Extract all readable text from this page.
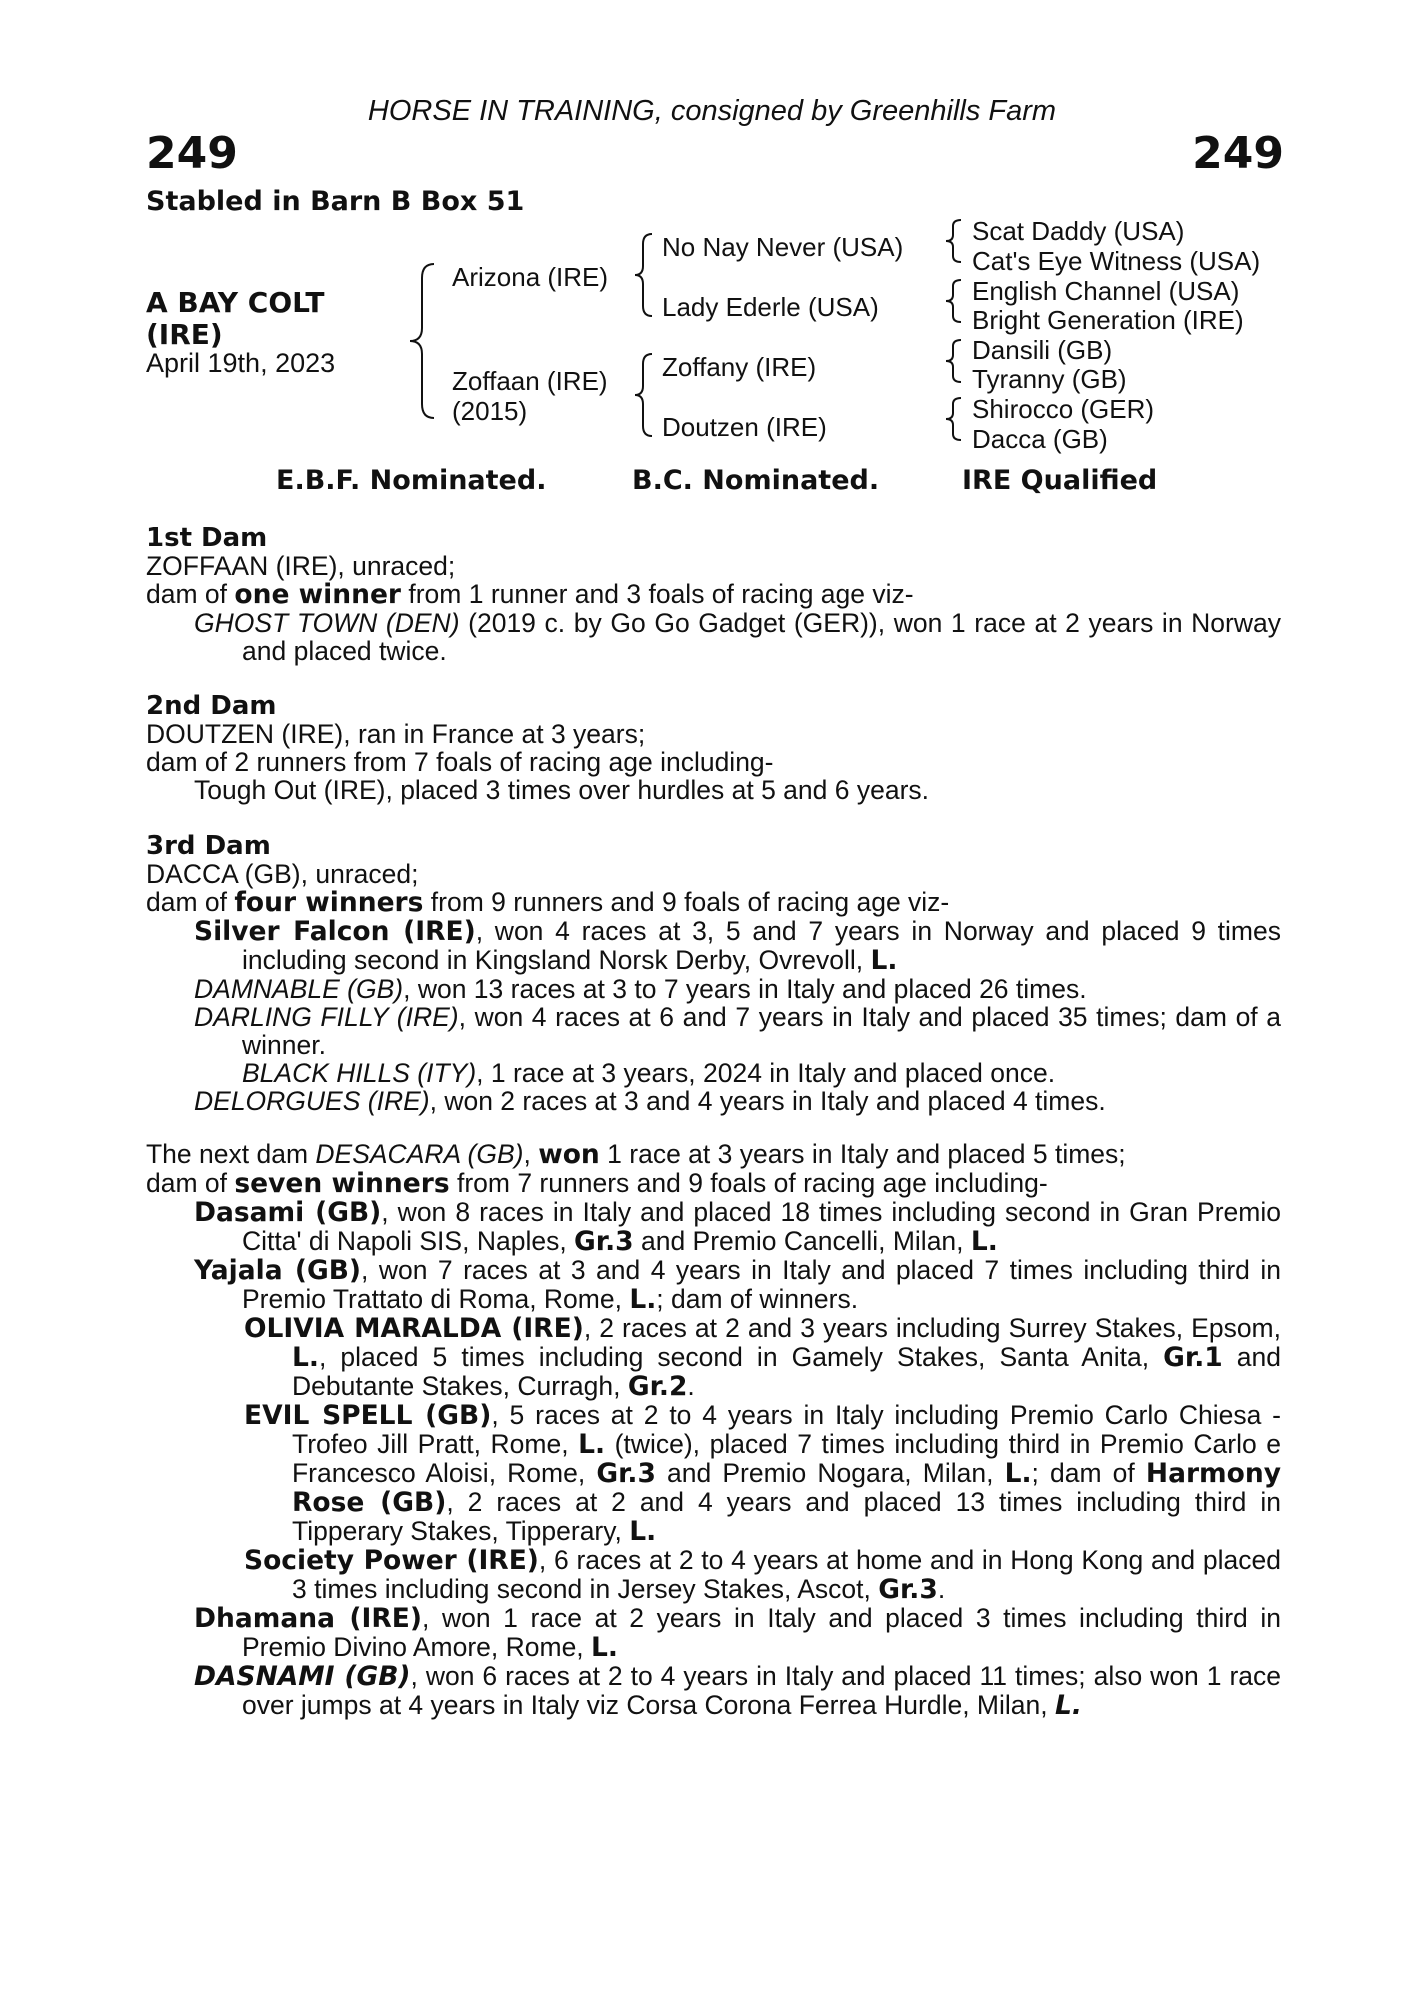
HORSE IN TRAINING, consigned by Greenhills Farm
249	249
Stabled in Barn B Box 51
A BAY COLT
(IRE)
April 19th, 2023
Arizona (IRE)
Zoffaan (IRE)
(2015)
No Nay Never (USA)
Lady Ederle (USA)
Zoffany (IRE)
Doutzen (IRE)
Scat Daddy (USA)
Cat's Eye Witness (USA)
English Channel (USA)
Bright Generation (IRE)
Dansili (GB)
Tyranny (GB)
Shirocco (GER)
Dacca (GB)
E.B.F. Nominated.	B.C. Nominated.	IRE Qualified

1st Dam

ZOFFAAN (IRE), unraced;

dam of one winner from 1 runner and 3 foals of racing age viz-

GHOST TOWN (DEN) (2019 c. by Go Go Gadget (GER)), won 1 race at 2 years in Norway and placed twice.

2nd Dam

DOUTZEN (IRE), ran in France at 3 years;

dam of 2 runners from 7 foals of racing age including-

Tough Out (IRE), placed 3 times over hurdles at 5 and 6 years.

3rd Dam

DACCA (GB), unraced;

dam of four winners from 9 runners and 9 foals of racing age viz-

Silver Falcon (IRE), won 4 races at 3, 5 and 7 years in Norway and placed 9 times including second in Kingsland Norsk Derby, Ovrevoll, L.

DAMNABLE (GB), won 13 races at 3 to 7 years in Italy and placed 26 times.

DARLING FILLY (IRE), won 4 races at 6 and 7 years in Italy and placed 35 times; dam of a winner.

BLACK HILLS (ITY), 1 race at 3 years, 2024 in Italy and placed once.

DELORGUES (IRE), won 2 races at 3 and 4 years in Italy and placed 4 times.

The next dam DESACARA (GB), won 1 race at 3 years in Italy and placed 5 times;

dam of seven winners from 7 runners and 9 foals of racing age including-

Dasami (GB), won 8 races in Italy and placed 18 times including second in Gran Premio Citta' di Napoli SIS, Naples, Gr.3 and Premio Cancelli, Milan, L.

Yajala (GB), won 7 races at 3 and 4 years in Italy and placed 7 times including third in Premio Trattato di Roma, Rome, L.; dam of winners.

OLIVIA MARALDA (IRE), 2 races at 2 and 3 years including Surrey Stakes, Epsom, L., placed 5 times including second in Gamely Stakes, Santa Anita, Gr.1 and Debutante Stakes, Curragh, Gr.2.

EVIL SPELL (GB), 5 races at 2 to 4 years in Italy including Premio Carlo Chiesa - Trofeo Jill Pratt, Rome, L. (twice), placed 7 times including third in Premio Carlo e Francesco Aloisi, Rome, Gr.3 and Premio Nogara, Milan, L.; dam of Harmony Rose (GB), 2 races at 2 and 4 years and placed 13 times including third in Tipperary Stakes, Tipperary, L.

Society Power (IRE), 6 races at 2 to 4 years at home and in Hong Kong and placed 3 times including second in Jersey Stakes, Ascot, Gr.3.

Dhamana (IRE), won 1 race at 2 years in Italy and placed 3 times including third in Premio Divino Amore, Rome, L.

DASNAMI (GB), won 6 races at 2 to 4 years in Italy and placed 11 times; also won 1 race over jumps at 4 years in Italy viz Corsa Corona Ferrea Hurdle, Milan, L.
